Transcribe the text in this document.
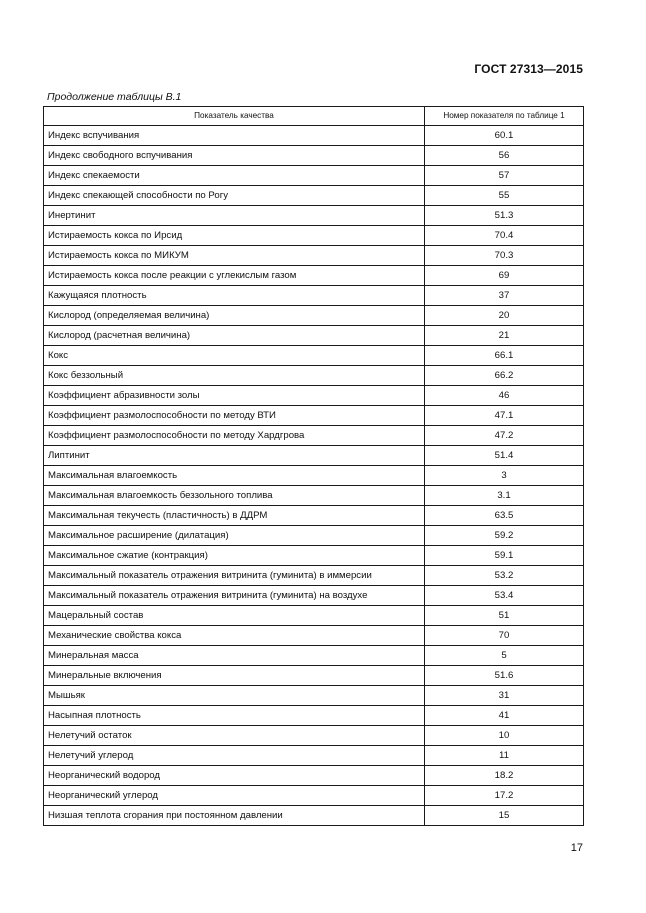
ГОСТ 27313—2015
Продолжение таблицы В.1
Показатель качества	Номер показателя по таблице 1
Индекс вспучивания	60.1
Индекс свободного вспучивания	56
Индекс спекаемости	57
Индекс спекающей способности по Рогу	55
Инертинит	51.3
Истираемость кокса по Ирсид	70.4
Истираемость кокса по МИКУМ	70.3
Истираемость кокса после реакции с углекислым газом	69
Кажущаяся плотность	37
Кислород (определяемая величина)	20
Кислород (расчетная величина)	21
Кокс	66.1
Кокс беззольный	66.2
Коэффициент абразивности золы	46
Коэффициент размолоспособности по методу ВТИ	47.1
Коэффициент размолоспособности по методу Хардгрова	47.2
Липтинит	51.4
Максимальная влагоемкость	3
Максимальная влагоемкость беззольного топлива	3.1
Максимальная текучесть (пластичность) в ДДРМ	63.5
Максимальное расширение (дилатация)	59.2
Максимальное сжатие (контракция)	59.1
Максимальный показатель отражения витринита (гуминита) в иммерсии	53.2
Максимальный показатель отражения витринита (гуминита) на воздухе	53.4
Мацеральный состав	51
Механические свойства кокса	70
Минеральная масса	5
Минеральные включения	51.6
Мышьяк	31
Насыпная плотность	41
Нелетучий остаток	10
Нелетучий углерод	11
Неорганический водород	18.2
Неорганический углерод	17.2
Низшая теплота сгорания при постоянном давлении	15
17
